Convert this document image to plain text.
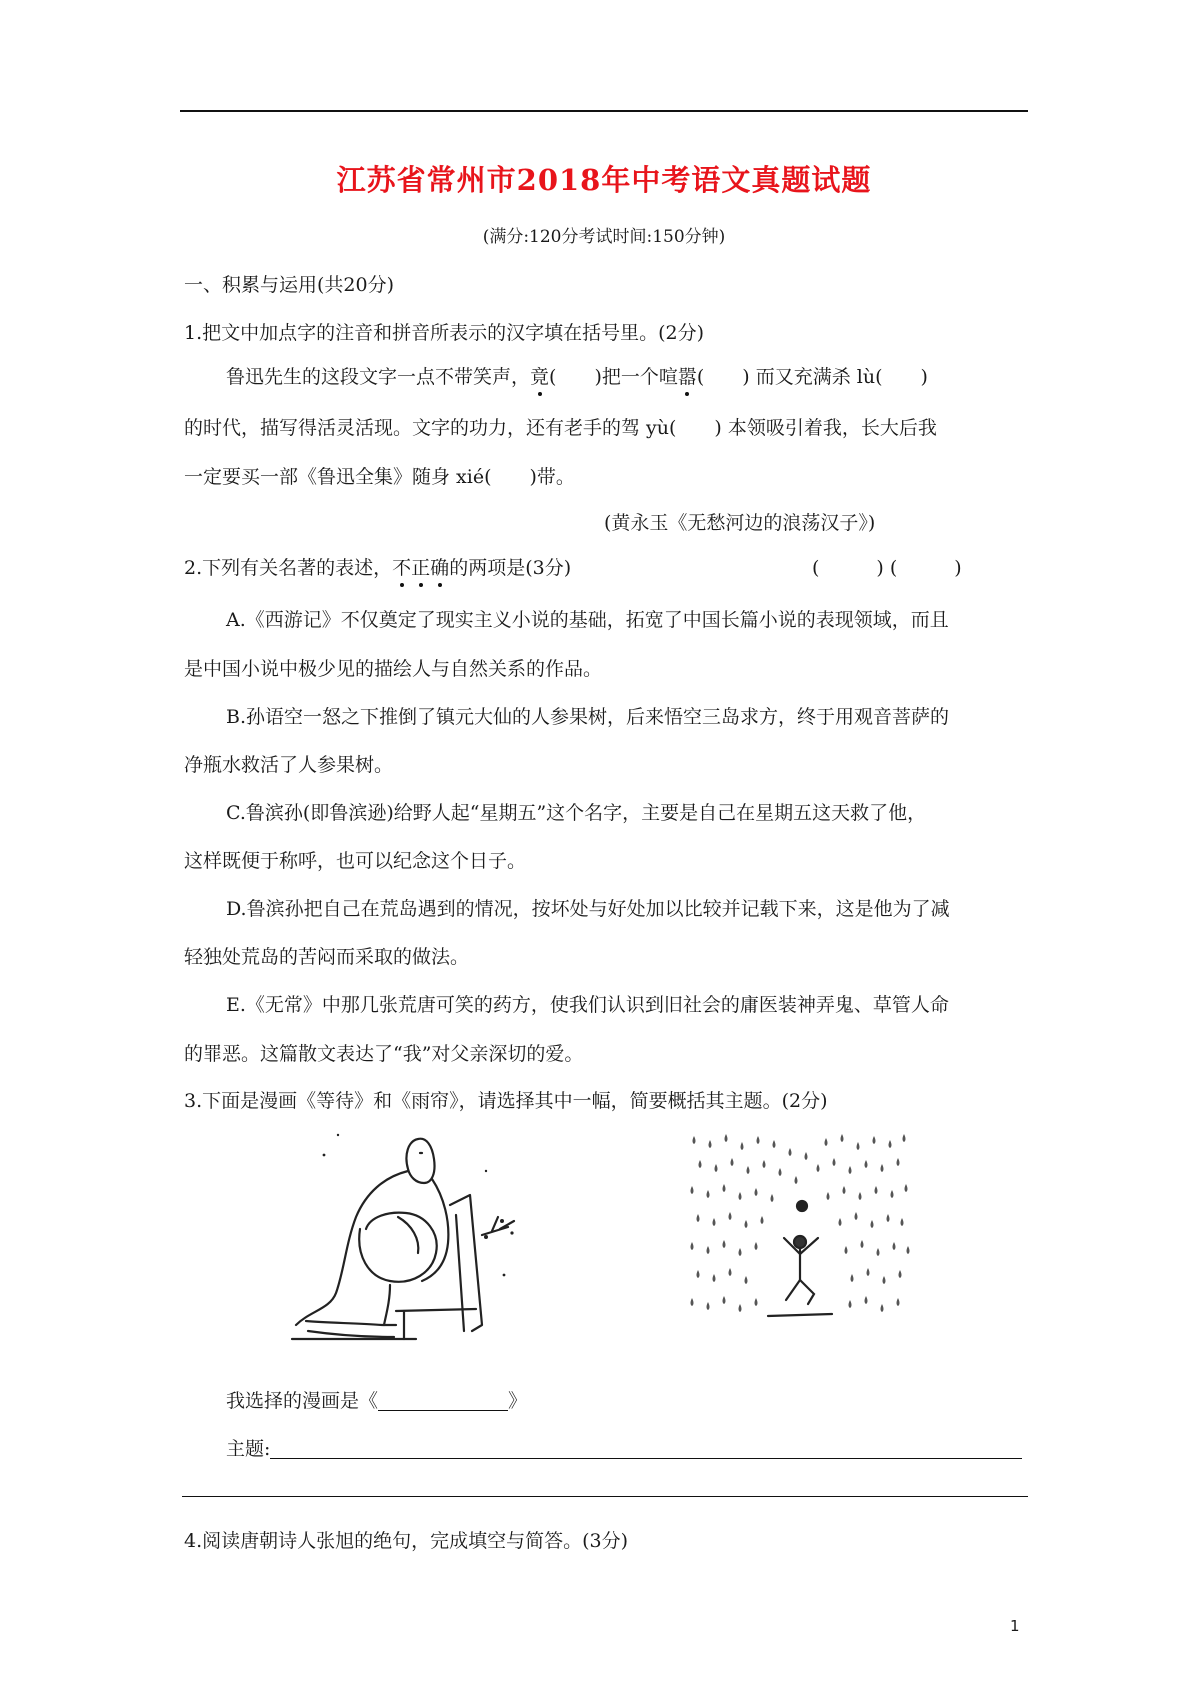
江苏省常州市2018年中考语文真题试题
(满分:120分考试时间:150分钟)
一、积累与运用(共20分)
1.把文中加点字的注音和拼音所表示的汉字填在括号里。(2分)
鲁迅先生的这段文字一点不带笑声，竟(　　)把一个喧嚣(　　) 而又充满杀 lù(　　)
的时代，描写得活灵活现。文字的功力，还有老手的驾 yù(　　) 本领吸引着我，长大后我
一定要买一部《鲁迅全集》随身 xié(　　)带。
(黄永玉《无愁河边的浪荡汉子》)
2.下列有关名著的表述，不正确的两项是(3分)	(　　　) (　　　)
A.《西游记》不仅奠定了现实主义小说的基础，拓宽了中国长篇小说的表现领域，而且
是中国小说中极少见的描绘人与自然关系的作品。
B.孙语空一怒之下推倒了镇元大仙的人参果树，后来悟空三岛求方，终于用观音菩萨的
净瓶水救活了人参果树。
C.鲁滨孙(即鲁滨逊)给野人起“星期五”这个名字，主要是自己在星期五这天救了他，
这样既便于称呼，也可以纪念这个日子。
D.鲁滨孙把自己在荒岛遇到的情况，按坏处与好处加以比较并记载下来，这是他为了减
轻独处荒岛的苦闷而采取的做法。
E.《无常》中那几张荒唐可笑的药方，使我们认识到旧社会的庸医装神弄鬼、草管人命
的罪恶。这篇散文表达了“我”对父亲深切的爱。
3.下面是漫画《等待》和《雨帘》，请选择其中一幅，简要概括其主题。(2分)
我选择的漫画是《	》
主题:
4.阅读唐朝诗人张旭的绝句，完成填空与简答。(3分)
1
